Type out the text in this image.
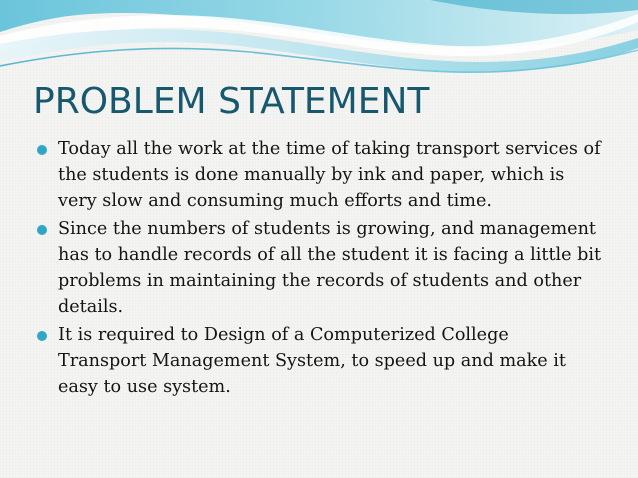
PROBLEM STATEMENT
Today all the work at the time of taking transport services of the students is done manually by ink and paper, which is very slow and consuming much efforts and time.
Since the numbers of students is growing, and management has to handle records of all the student it is facing a little bit problems in maintaining the records of students and other details.
It is required to Design of a Computerized College Transport Management System, to speed up and make it easy to use system.
